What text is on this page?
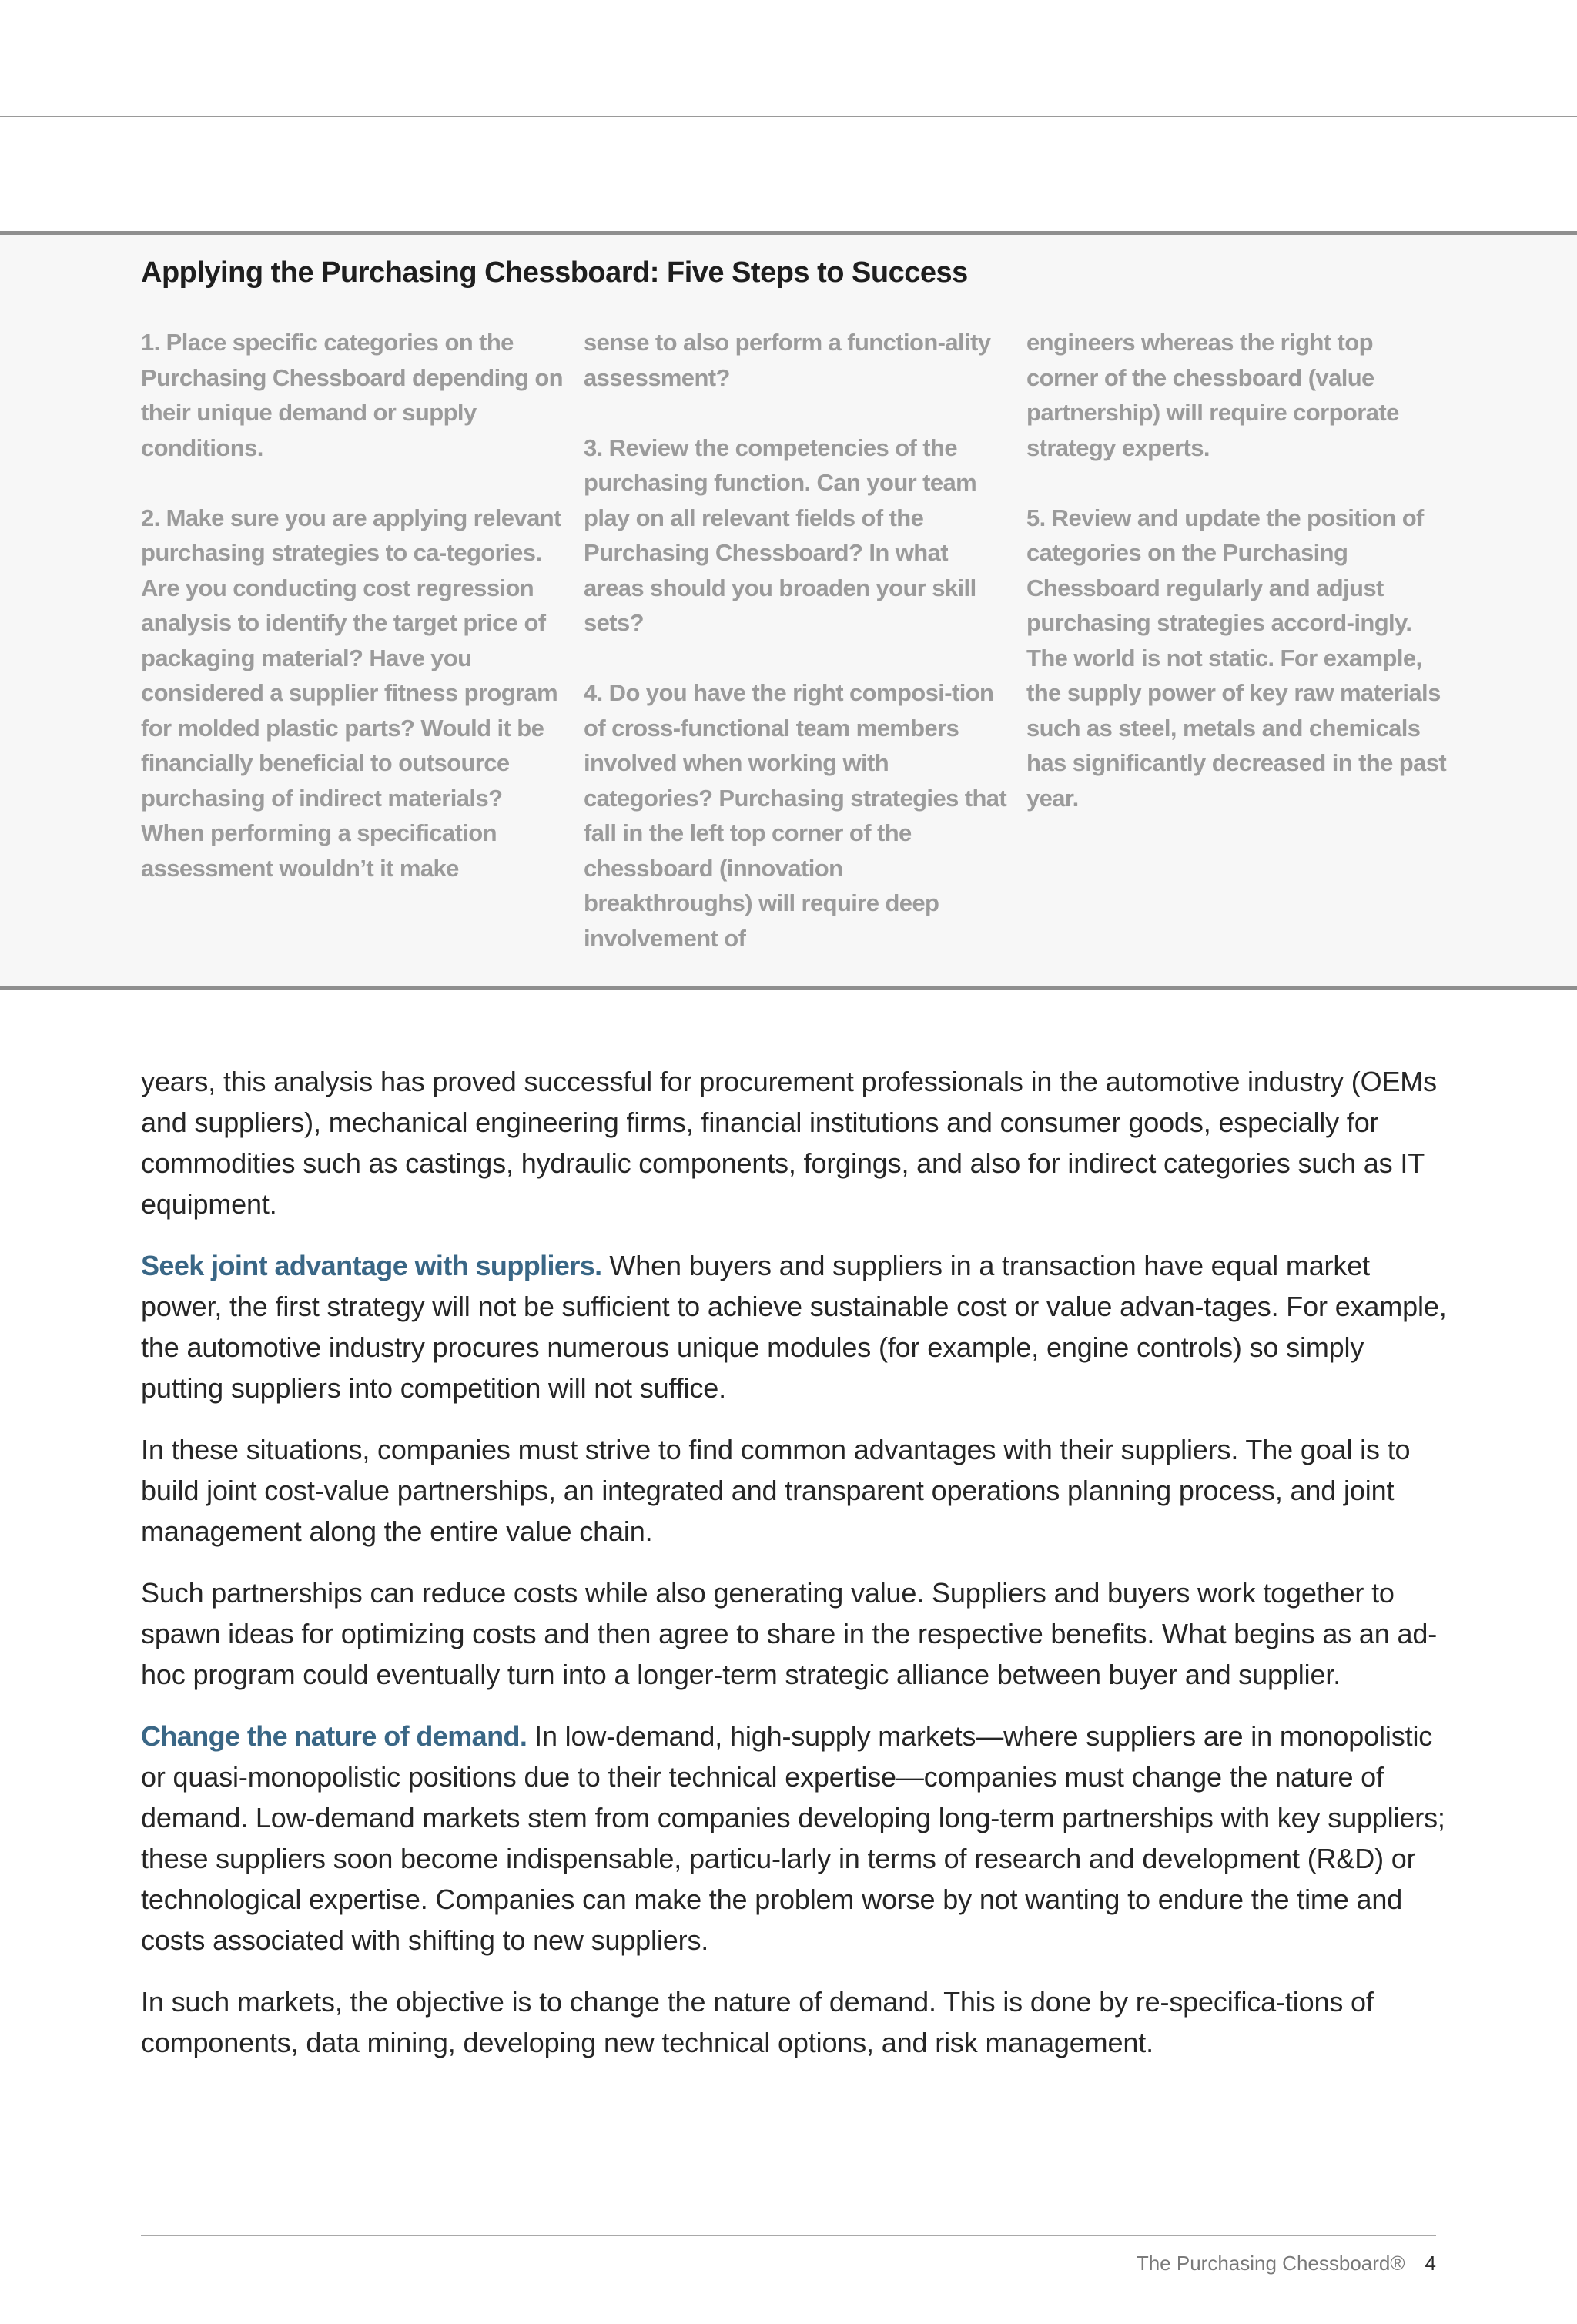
Applying the Purchasing Chessboard: Five Steps to Success

1. Place specific categories on the Purchasing Chessboard depending on their unique demand or supply conditions.

2. Make sure you are applying relevant purchasing strategies to ca-tegories. Are you conducting cost regression analysis to identify the target price of packaging material? Have you considered a supplier fitness program for molded plastic parts? Would it be financially beneficial to outsource purchasing of indirect materials? When performing a specification assessment wouldn’t it make

sense to also perform a function-ality assessment?

3. Review the competencies of the purchasing function. Can your team play on all relevant fields of the Purchasing Chessboard? In what areas should you broaden your skill sets?

4. Do you have the right composi-tion of cross-functional team members involved when working with categories? Purchasing strategies that fall in the left top corner of the chessboard (innovation breakthroughs) will require deep involvement of

engineers whereas the right top corner of the chessboard (value partnership) will require corporate strategy experts.

5. Review and update the position of categories on the Purchasing Chessboard regularly and adjust purchasing strategies accord-ingly. The world is not static. For example, the supply power of key raw materials such as steel, metals and chemicals has significantly decreased in the past year.

years, this analysis has proved successful for procurement professionals in the automotive industry (OEMs and suppliers), mechanical engineering firms, financial institutions and consumer goods, especially for commodities such as castings, hydraulic components, forgings, and also for indirect categories such as IT equipment.

Seek joint advantage with suppliers. When buyers and suppliers in a transaction have equal market power, the first strategy will not be sufficient to achieve sustainable cost or value advan-tages. For example, the automotive industry procures numerous unique modules (for example, engine controls) so simply putting suppliers into competition will not suffice.

In these situations, companies must strive to find common advantages with their suppliers. The goal is to build joint cost-value partnerships, an integrated and transparent operations planning process, and joint management along the entire value chain.

Such partnerships can reduce costs while also generating value. Suppliers and buyers work together to spawn ideas for optimizing costs and then agree to share in the respective benefits. What begins as an ad-hoc program could eventually turn into a longer-term strategic alliance between buyer and supplier.

Change the nature of demand. In low-demand, high-supply markets—where suppliers are in monopolistic or quasi-monopolistic positions due to their technical expertise—companies must change the nature of demand. Low-demand markets stem from companies developing long-term partnerships with key suppliers; these suppliers soon become indispensable, particu-larly in terms of research and development (R&D) or technological expertise. Companies can make the problem worse by not wanting to endure the time and costs associated with shifting to new suppliers.

In such markets, the objective is to change the nature of demand. This is done by re-specifica-tions of components, data mining, developing new technical options, and risk management.

The Purchasing Chessboard® 4
